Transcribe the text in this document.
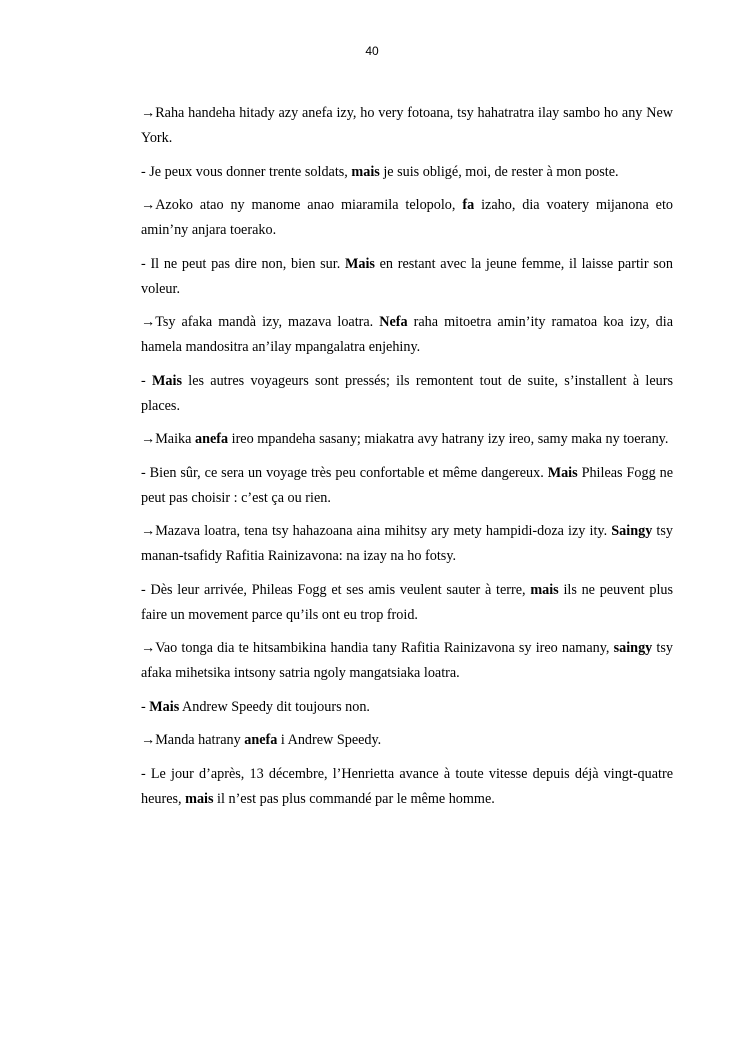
40

→Raha handeha hitady azy anefa izy, ho very fotoana, tsy hahatratra ilay sambo ho any New York.

- Je peux vous donner trente soldats, mais je suis obligé, moi, de rester à mon poste.

→Azoko atao ny manome anao miaramila telopolo, fa izaho, dia voatery mijanona eto amin’ny anjara toerako.

- Il ne peut pas dire non, bien sur. Mais en restant avec la jeune femme, il laisse partir son voleur.

→Tsy afaka mandà izy, mazava loatra. Nefa raha mitoetra amin’ity ramatoa koa izy, dia hamela mandositra an’ilay mpangalatra enjehiny.

- Mais les autres voyageurs sont pressés; ils remontent tout de suite, s’installent à leurs places.

→Maika anefa ireo mpandeha sasany; miakatra avy hatrany izy ireo, samy maka ny toerany.

- Bien sûr, ce sera un voyage très peu confortable et même dangereux. Mais Phileas Fogg ne peut pas choisir : c’est ça ou rien.

→Mazava loatra, tena tsy hahazoana aina mihitsy ary mety hampidi-doza izy ity. Saingy tsy manan-tsafidy Rafitia Rainizavona: na izay na ho fotsy.

- Dès leur arrivée, Phileas Fogg et ses amis veulent sauter à terre, mais ils ne peuvent plus faire un movement parce qu’ils ont eu trop froid.

→Vao tonga dia te hitsambikina handia tany Rafitia Rainizavona sy ireo namany, saingy tsy afaka mihetsika intsony satria ngoly mangatsiaka loatra.

- Mais Andrew Speedy dit toujours non.

→Manda hatrany anefa i Andrew Speedy.

- Le jour d’après, 13 décembre, l’Henrietta avance à toute vitesse depuis déjà vingt-quatre heures, mais il n’est pas plus commandé par le même homme.
